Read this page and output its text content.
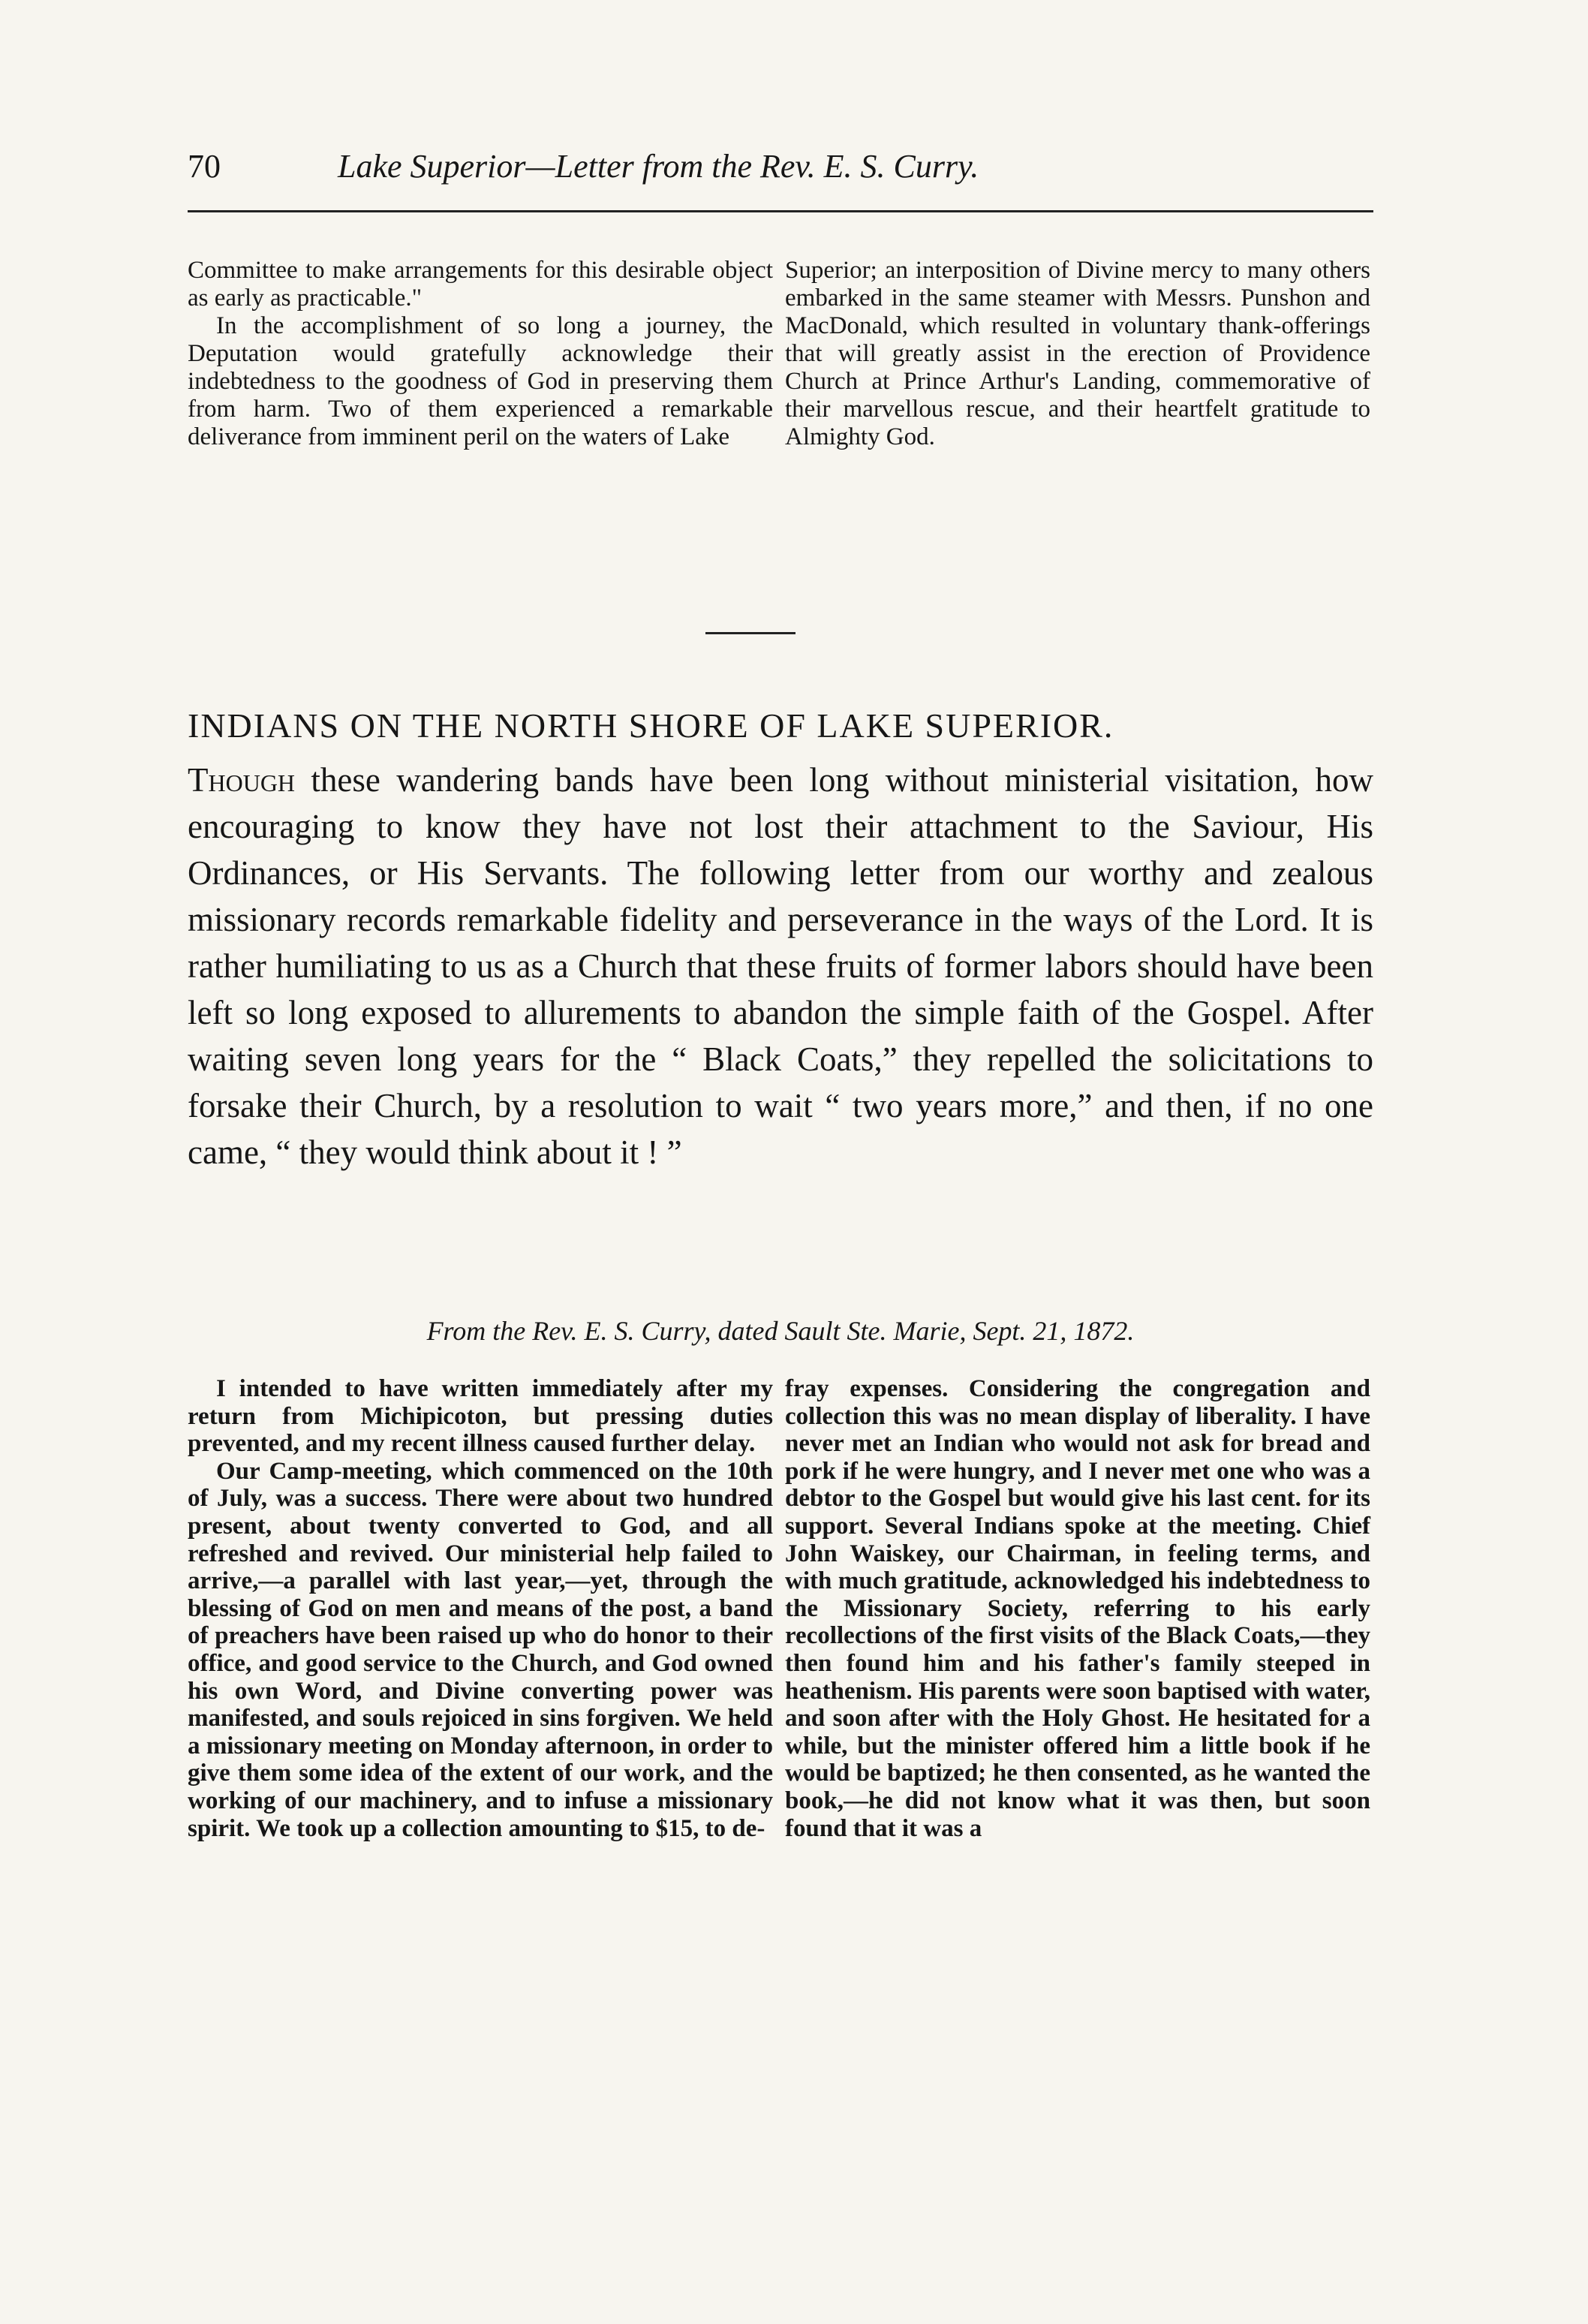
70	Lake Superior—Letter from the Rev. E. S. Curry.

Committee to make arrangements for this desirable object as early as practicable."

In the accomplishment of so long a journey, the Deputation would gratefully acknowledge their indebtedness to the goodness of God in preserving them from harm. Two of them experienced a remarkable deliverance from imminent peril on the waters of Lake

Superior; an interposition of Divine mercy to many others embarked in the same steamer with Messrs. Punshon and MacDonald, which resulted in voluntary thank-offerings that will greatly assist in the erection of Providence Church at Prince Arthur's Landing, commemorative of their marvellous rescue, and their heartfelt gratitude to Almighty God.

INDIANS ON THE NORTH SHORE OF LAKE SUPERIOR.

Though these wandering bands have been long without ministerial visitation, how encouraging to know they have not lost their attachment to the Saviour, His Ordinances, or His Servants. The following letter from our worthy and zealous missionary records remarkable fidelity and perseverance in the ways of the Lord. It is rather humiliating to us as a Church that these fruits of former labors should have been left so long exposed to allurements to abandon the simple faith of the Gospel. After waiting seven long years for the “ Black Coats,” they repelled the solicitations to forsake their Church, by a resolution to wait “ two years more,” and then, if no one came, “ they would think about it ! ”

From the Rev. E. S. Curry, dated Sault Ste. Marie, Sept. 21, 1872.

I intended to have written immediately after my return from Michipicoton, but pressing duties prevented, and my recent illness caused further delay.

Our Camp-meeting, which commenced on the 10th of July, was a success. There were about two hundred present, about twenty converted to God, and all refreshed and revived. Our ministerial help failed to arrive,—a parallel with last year,—yet, through the blessing of God on men and means of the post, a band of preachers have been raised up who do honor to their office, and good service to the Church, and God owned his own Word, and Divine converting power was manifested, and souls rejoiced in sins forgiven. We held a missionary meeting on Monday afternoon, in order to give them some idea of the extent of our work, and the working of our machinery, and to infuse a missionary spirit. We took up a collection amounting to $15, to de-

fray expenses. Considering the congregation and collection this was no mean display of liberality. I have never met an Indian who would not ask for bread and pork if he were hungry, and I never met one who was a debtor to the Gospel but would give his last cent. for its support. Several Indians spoke at the meeting. Chief John Waiskey, our Chairman, in feeling terms, and with much gratitude, acknowledged his indebtedness to the Missionary Society, referring to his early recollections of the first visits of the Black Coats,—they then found him and his father's family steeped in heathenism. His parents were soon baptised with water, and soon after with the Holy Ghost. He hesitated for a while, but the minister offered him a little book if he would be baptized; he then consented, as he wanted the book,—he did not know what it was then, but soon found that it was a
